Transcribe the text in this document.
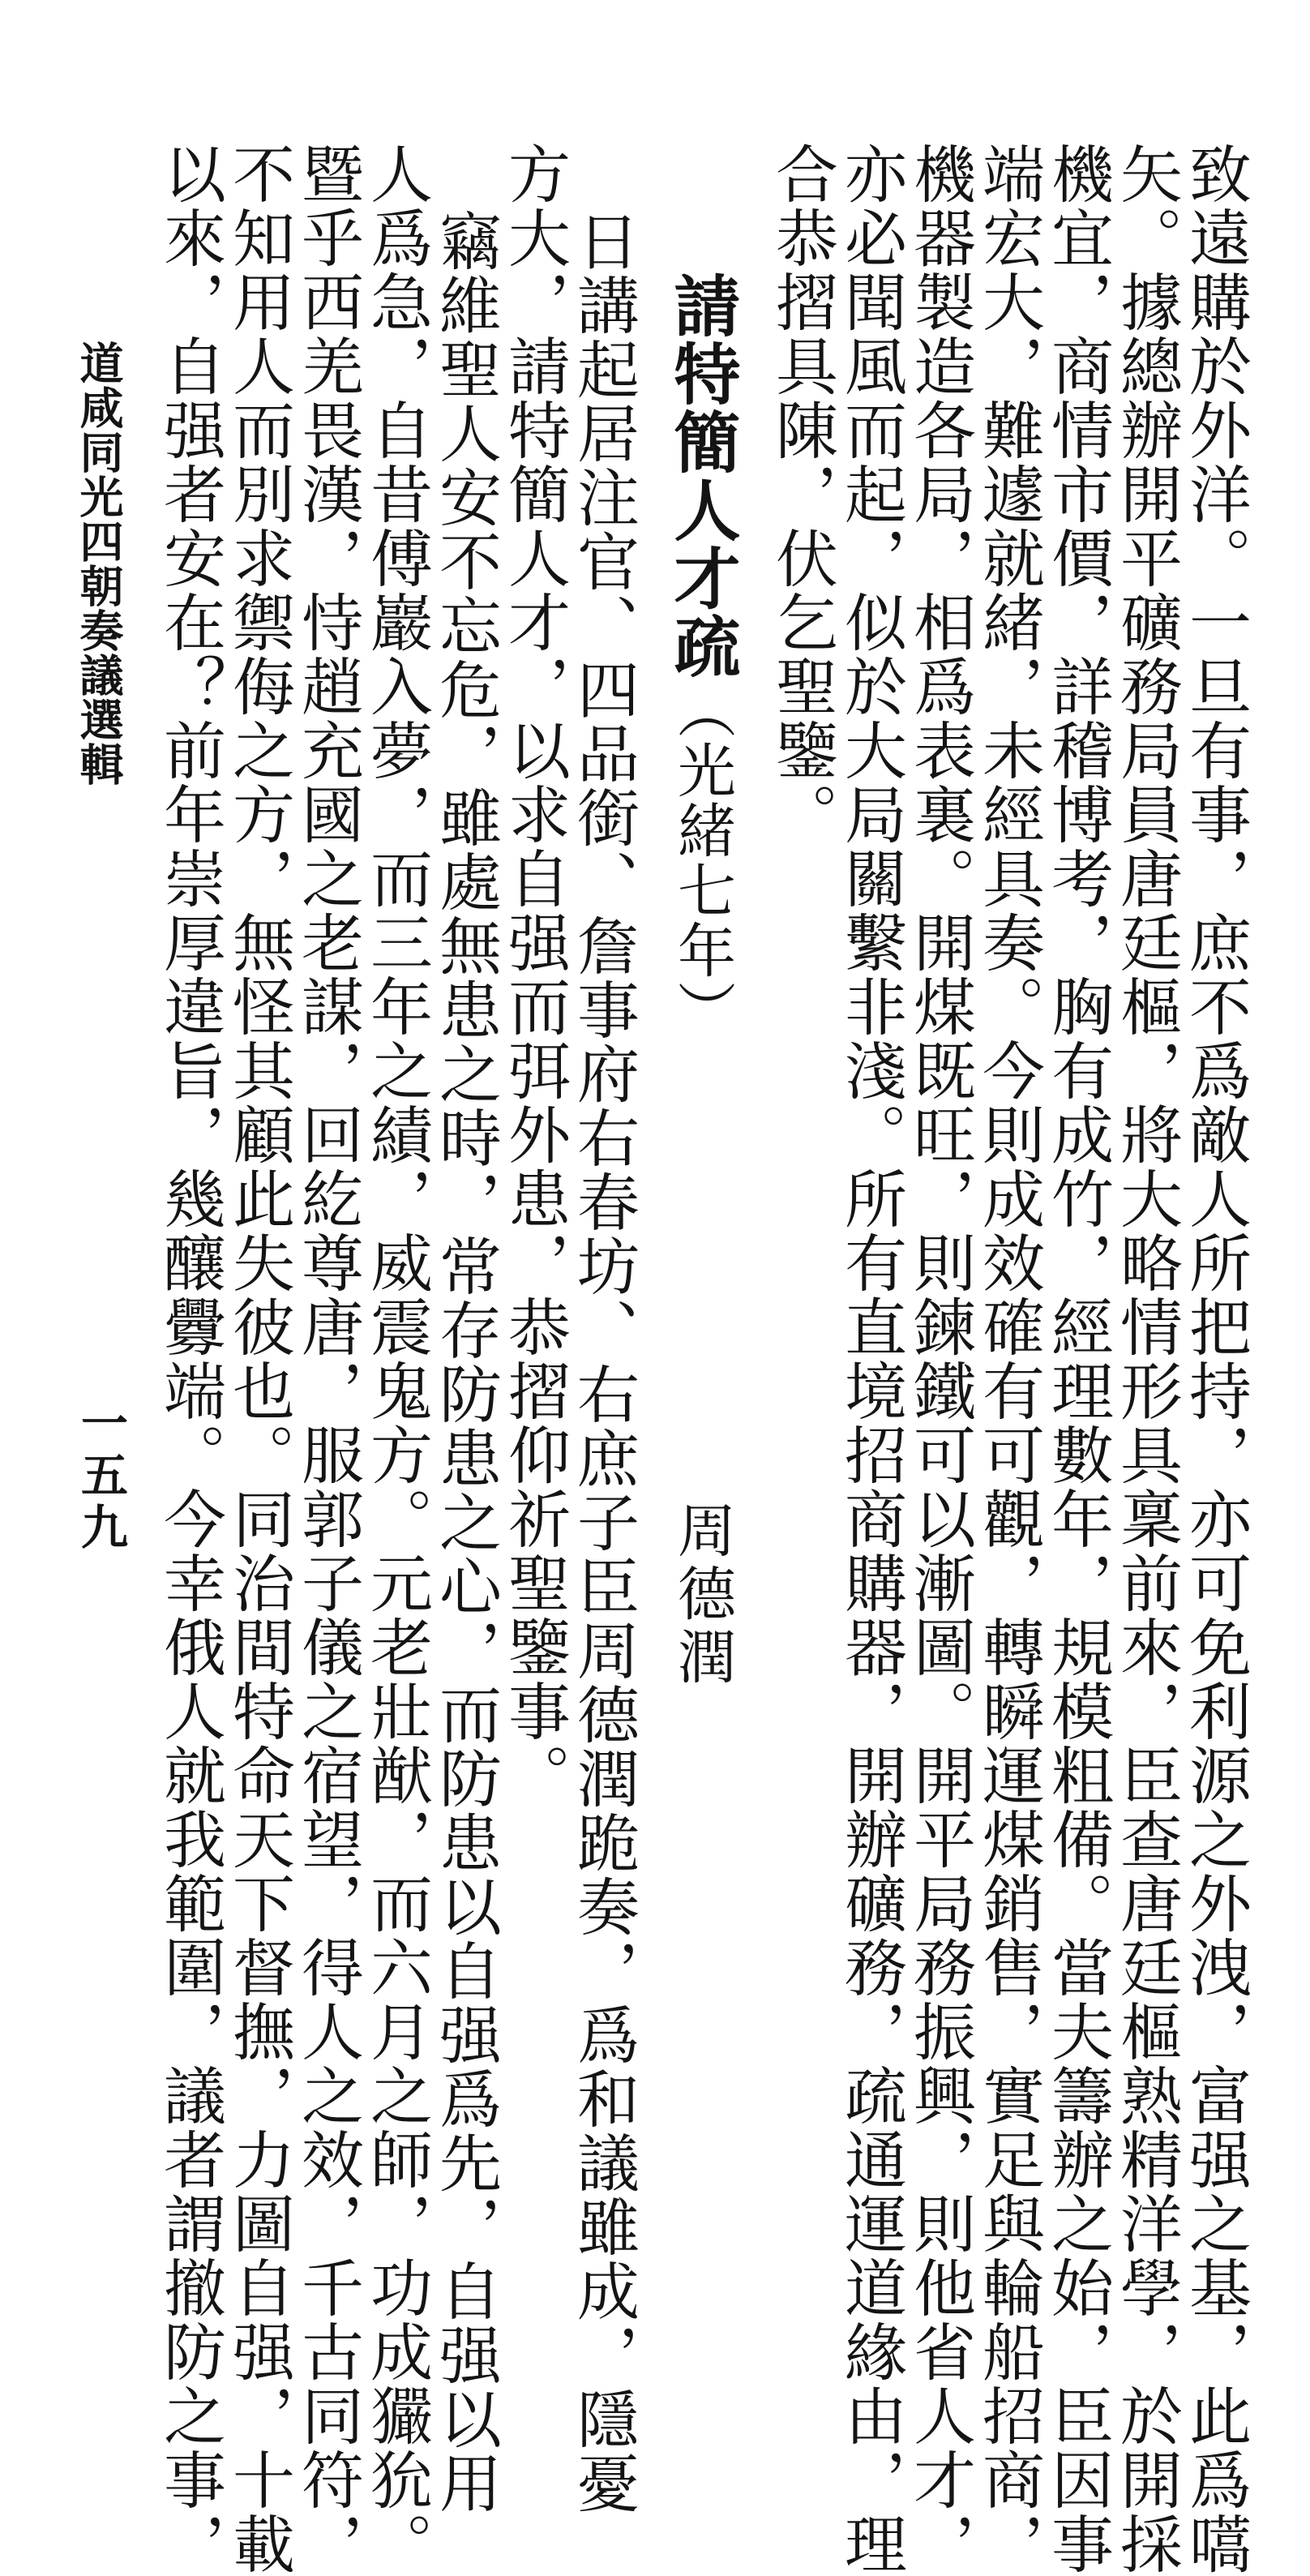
致遠購於外洋。一旦有事，庶不爲敵人所把持，亦可免利源之外洩，富强之基，此爲嚆
矢。據總辦開平礦務局員唐廷樞，將大略情形具稟前來，臣查唐廷樞熟精洋學，於開採
機宜，商情市價，詳稽博考，胸有成竹，經理數年，規模粗備。當夫籌辦之始，臣因事
端宏大，難遽就緒，未經具奏。今則成效確有可觀，轉瞬運煤銷售，實足與輪船招商，
機器製造各局，相爲表裏。開煤既旺，則鍊鐵可以漸圖。開平局務振興，則他省人才，
亦必聞風而起，似於大局關繫非淺。所有直境招商購器，開辦礦務，疏通運道緣由，理
合恭摺具陳，伏乞聖鑒。
請特簡人才疏（光緒七年）
周德潤
日講起居注官、四品銜、詹事府右春坊、右庶子臣周德潤跪奏，爲和議雖成，隱憂
方大，請特簡人才，以求自强而弭外患，恭摺仰祈聖鑒事。
竊維聖人安不忘危，雖處無患之時，常存防患之心，而防患以自强爲先，自强以用
人爲急，自昔傅巖入夢，而三年之績，威震鬼方。元老壯猷，而六月之師，功成玁狁。
暨乎西羌畏漢，恃趙充國之老謀，回紇尊唐，服郭子儀之宿望，得人之效，千古同符，
不知用人而別求禦侮之方，無怪其顧此失彼也。同治間特命天下督撫，力圖自强，十載
以來，自强者安在？前年崇厚違旨，幾釀釁端。今幸俄人就我範圍，議者謂撤防之事，
道咸同光四朝奏議選輯
一五九
